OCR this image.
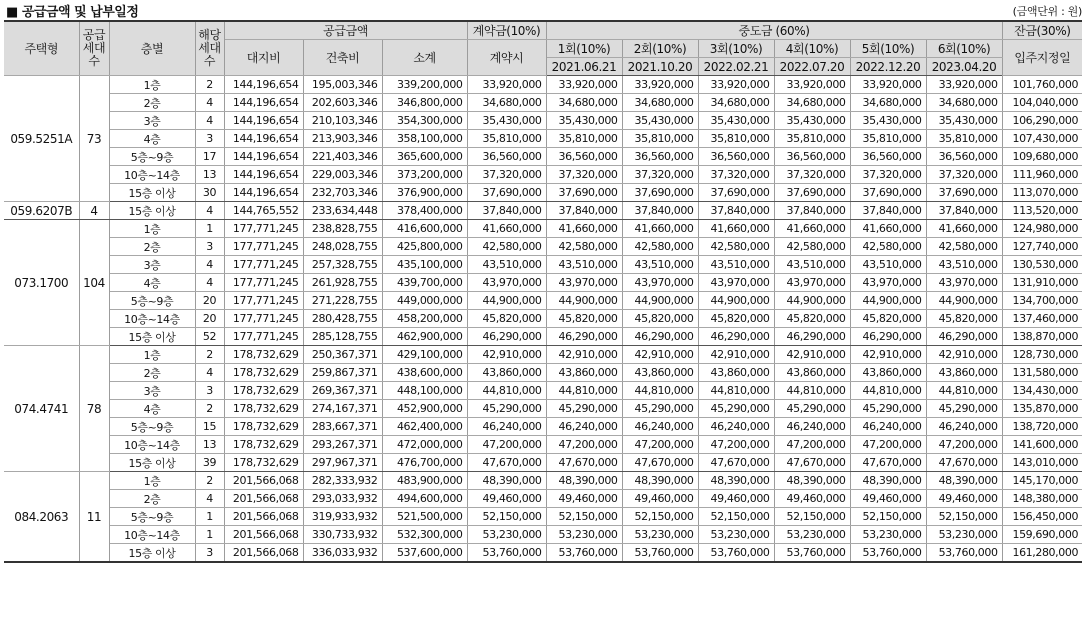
■ 공급금액 및 납부일정	(금액단위 : 원)
주택형	공급세대수	층별	해당세대수	공급금액			계약금(10%)	중도금 (60%)						잔금(30%)
				대지비	건축비	소계	계약시	1회(10%)	2회(10%)	3회(10%)	4회(10%)	5회(10%)	6회(10%)	입주지정일
								2021.06.21	2021.10.20	2022.02.21	2022.07.20	2022.12.20	2023.04.20	
059.5251A	73	1층	2	144,196,654	195,003,346	339,200,000	33,920,000	33,920,000	33,920,000	33,920,000	33,920,000	33,920,000	33,920,000	101,760,000
		2층	4	144,196,654	202,603,346	346,800,000	34,680,000	34,680,000	34,680,000	34,680,000	34,680,000	34,680,000	34,680,000	104,040,000
		3층	4	144,196,654	210,103,346	354,300,000	35,430,000	35,430,000	35,430,000	35,430,000	35,430,000	35,430,000	35,430,000	106,290,000
		4층	3	144,196,654	213,903,346	358,100,000	35,810,000	35,810,000	35,810,000	35,810,000	35,810,000	35,810,000	35,810,000	107,430,000
		5층~9층	17	144,196,654	221,403,346	365,600,000	36,560,000	36,560,000	36,560,000	36,560,000	36,560,000	36,560,000	36,560,000	109,680,000
		10층~14층	13	144,196,654	229,003,346	373,200,000	37,320,000	37,320,000	37,320,000	37,320,000	37,320,000	37,320,000	37,320,000	111,960,000
		15층 이상	30	144,196,654	232,703,346	376,900,000	37,690,000	37,690,000	37,690,000	37,690,000	37,690,000	37,690,000	37,690,000	113,070,000
059.6207B	4	15층 이상	4	144,765,552	233,634,448	378,400,000	37,840,000	37,840,000	37,840,000	37,840,000	37,840,000	37,840,000	37,840,000	113,520,000
073.1700	104	1층	1	177,771,245	238,828,755	416,600,000	41,660,000	41,660,000	41,660,000	41,660,000	41,660,000	41,660,000	41,660,000	124,980,000
		2층	3	177,771,245	248,028,755	425,800,000	42,580,000	42,580,000	42,580,000	42,580,000	42,580,000	42,580,000	42,580,000	127,740,000
		3층	4	177,771,245	257,328,755	435,100,000	43,510,000	43,510,000	43,510,000	43,510,000	43,510,000	43,510,000	43,510,000	130,530,000
		4층	4	177,771,245	261,928,755	439,700,000	43,970,000	43,970,000	43,970,000	43,970,000	43,970,000	43,970,000	43,970,000	131,910,000
		5층~9층	20	177,771,245	271,228,755	449,000,000	44,900,000	44,900,000	44,900,000	44,900,000	44,900,000	44,900,000	44,900,000	134,700,000
		10층~14층	20	177,771,245	280,428,755	458,200,000	45,820,000	45,820,000	45,820,000	45,820,000	45,820,000	45,820,000	45,820,000	137,460,000
		15층 이상	52	177,771,245	285,128,755	462,900,000	46,290,000	46,290,000	46,290,000	46,290,000	46,290,000	46,290,000	46,290,000	138,870,000
074.4741	78	1층	2	178,732,629	250,367,371	429,100,000	42,910,000	42,910,000	42,910,000	42,910,000	42,910,000	42,910,000	42,910,000	128,730,000
		2층	4	178,732,629	259,867,371	438,600,000	43,860,000	43,860,000	43,860,000	43,860,000	43,860,000	43,860,000	43,860,000	131,580,000
		3층	3	178,732,629	269,367,371	448,100,000	44,810,000	44,810,000	44,810,000	44,810,000	44,810,000	44,810,000	44,810,000	134,430,000
		4층	2	178,732,629	274,167,371	452,900,000	45,290,000	45,290,000	45,290,000	45,290,000	45,290,000	45,290,000	45,290,000	135,870,000
		5층~9층	15	178,732,629	283,667,371	462,400,000	46,240,000	46,240,000	46,240,000	46,240,000	46,240,000	46,240,000	46,240,000	138,720,000
		10층~14층	13	178,732,629	293,267,371	472,000,000	47,200,000	47,200,000	47,200,000	47,200,000	47,200,000	47,200,000	47,200,000	141,600,000
		15층 이상	39	178,732,629	297,967,371	476,700,000	47,670,000	47,670,000	47,670,000	47,670,000	47,670,000	47,670,000	47,670,000	143,010,000
084.2063	11	1층	2	201,566,068	282,333,932	483,900,000	48,390,000	48,390,000	48,390,000	48,390,000	48,390,000	48,390,000	48,390,000	145,170,000
		2층	4	201,566,068	293,033,932	494,600,000	49,460,000	49,460,000	49,460,000	49,460,000	49,460,000	49,460,000	49,460,000	148,380,000
		5층~9층	1	201,566,068	319,933,932	521,500,000	52,150,000	52,150,000	52,150,000	52,150,000	52,150,000	52,150,000	52,150,000	156,450,000
		10층~14층	1	201,566,068	330,733,932	532,300,000	53,230,000	53,230,000	53,230,000	53,230,000	53,230,000	53,230,000	53,230,000	159,690,000
		15층 이상	3	201,566,068	336,033,932	537,600,000	53,760,000	53,760,000	53,760,000	53,760,000	53,760,000	53,760,000	53,760,000	161,280,000
